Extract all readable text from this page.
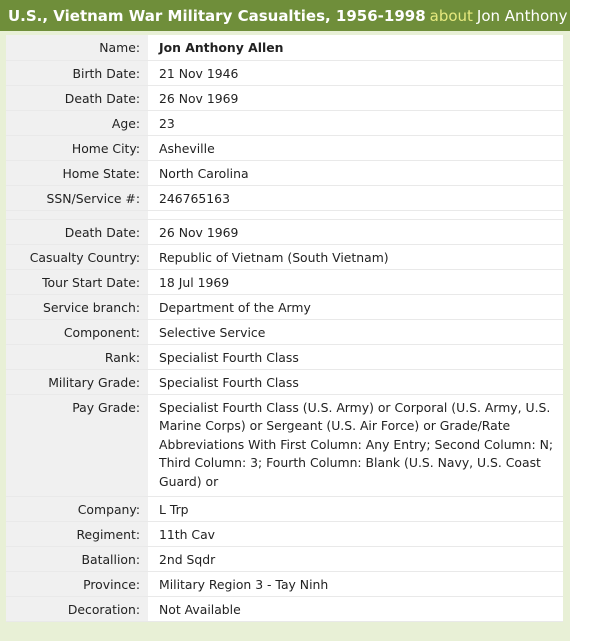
U.S., Vietnam War Military Casualties, 1956-1998 about Jon Anthony Allen
Name:	Jon Anthony Allen
Birth Date:	21 Nov 1946
Death Date:	26 Nov 1969
Age:	23
Home City:	Asheville
Home State:	North Carolina
SSN/Service #:	246765163

Death Date:	26 Nov 1969
Casualty Country:	Republic of Vietnam (South Vietnam)
Tour Start Date:	18 Jul 1969
Service branch:	Department of the Army
Component:	Selective Service
Rank:	Specialist Fourth Class
Military Grade:	Specialist Fourth Class
Pay Grade:	Specialist Fourth Class (U.S. Army) or Corporal (U.S. Army, U.S. Marine Corps) or Sergeant (U.S. Air Force) or Grade/Rate Abbreviations With First Column: Any Entry; Second Column: N; Third Column: 3; Fourth Column: Blank (U.S. Navy, U.S. Coast Guard) or
Company:	L Trp
Regiment:	11th Cav
Batallion:	2nd Sqdr
Province:	Military Region 3 - Tay Ninh
Decoration:	Not Available
